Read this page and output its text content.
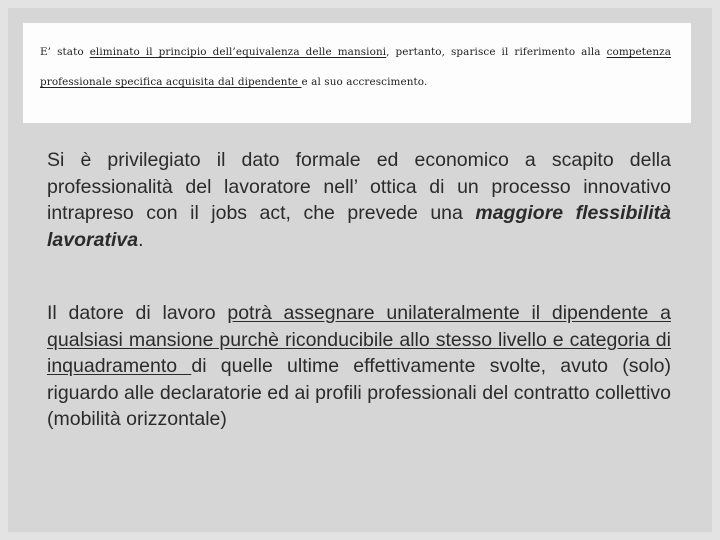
E’ stato eliminato il principio dell’equivalenza delle mansioni, pertanto, sparisce il riferimento alla competenza professionale specifica acquisita dal dipendente e al suo accrescimento.

Si è privilegiato il dato formale ed economico a scapito della professionalità del lavoratore nell’ ottica di un processo innovativo intrapreso con il jobs act, che prevede una maggiore flessibilità lavorativa.

Il datore di lavoro potrà assegnare unilateralmente il dipendente a qualsiasi mansione purchè riconducibile allo stesso livello e categoria di inquadramento di quelle ultime effettivamente svolte, avuto (solo) riguardo alle declaratorie ed ai profili professionali del contratto collettivo (mobilità orizzontale)
